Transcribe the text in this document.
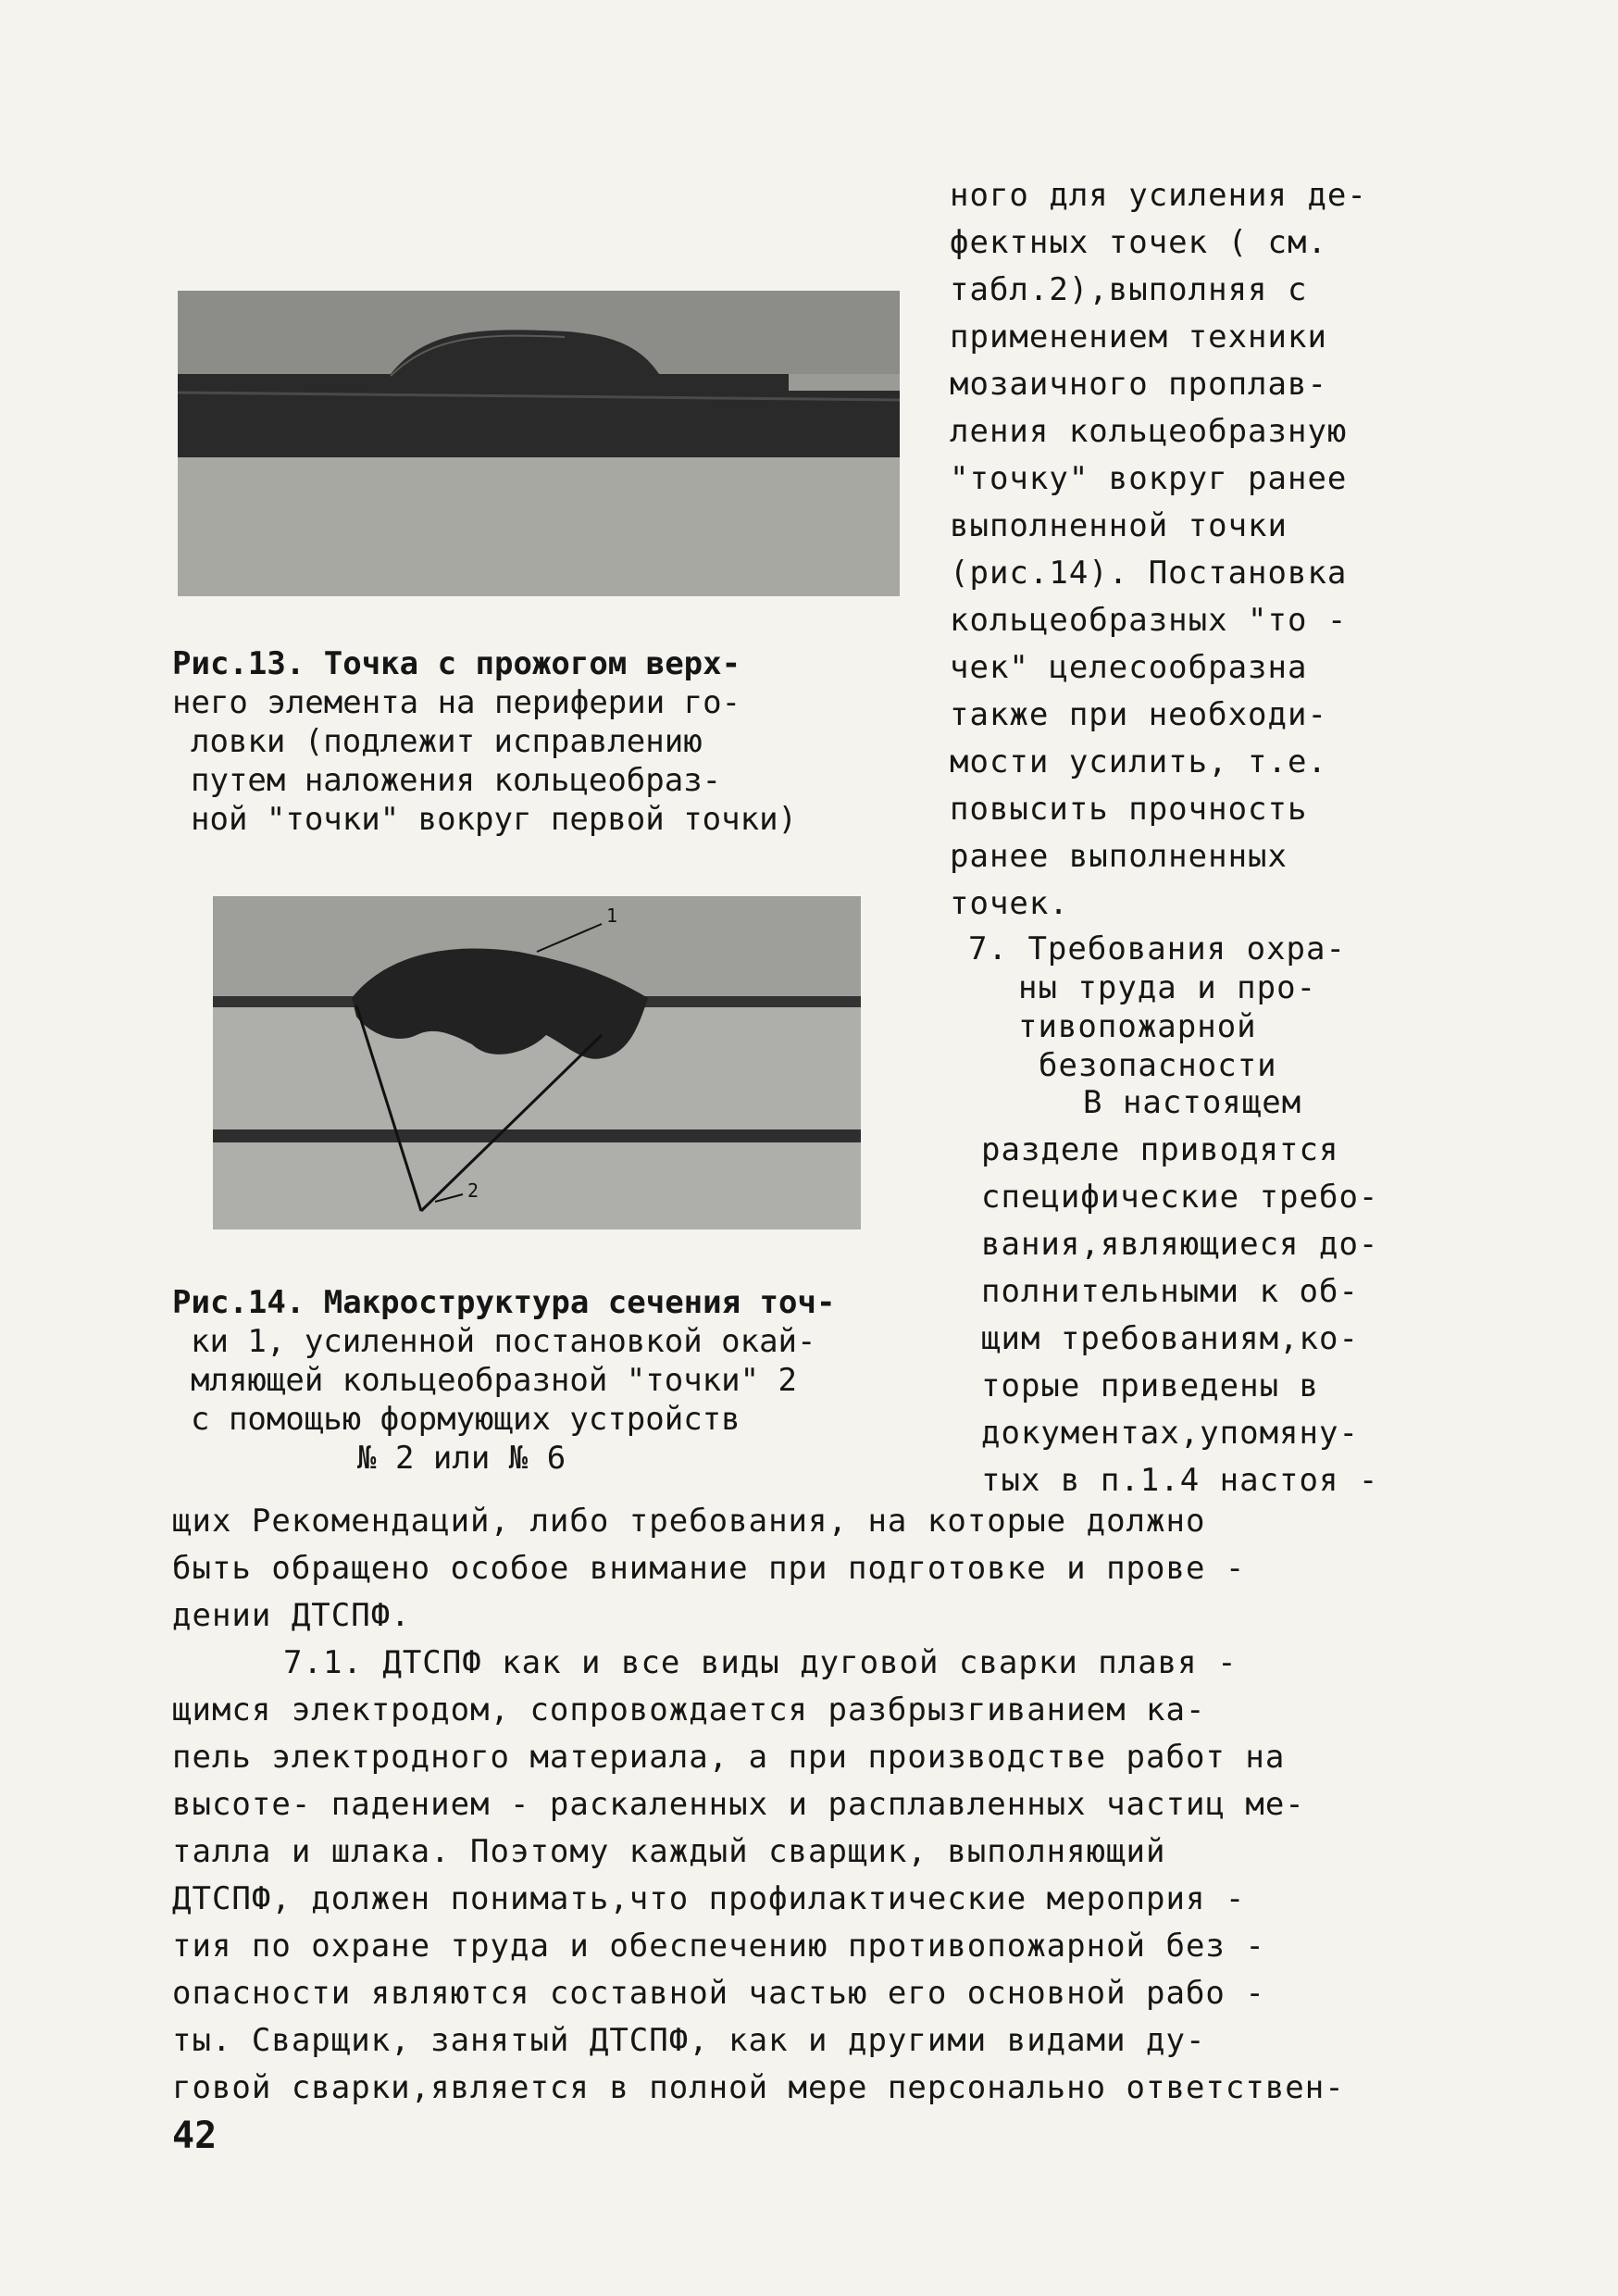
Рис.13. Точка с прожогом верх-
него элемента на периферии го-
ловки (подлежит исправлению
путем наложения кольцеобраз-
ной "точки" вокруг первой точки)
1
2
Рис.14. Макроструктура сечения точ-
ки 1, усиленной постановкой окай-
мляющей кольцеобразной "точки" 2
с помощью формующих устройств
№ 2 или № 6
ного для усиления де-
фектных точек ( см.
табл.2),выполняя с
применением техники
мозаичного проплав-
ления кольцеобразную
"точку" вокруг ранее
выполненной точки
(рис.14). Постановка
кольцеобразных "то -
чек" целесообразна
также при необходи-
мости усилить, т.е.
повысить прочность
ранее выполненных
точек.
7. Требования охра-
ны труда и про-
тивопожарной
безопасности
В настоящем
разделе приводятся
специфические требо-
вания,являющиеся до-
полнительными к об-
щим требованиям,ко-
торые приведены в
документах,упомяну-
тых в п.1.4 настоя -
щих Рекомендаций, либо требования, на которые должно
быть обращено особое внимание при подготовке и прове -
дении ДТСПФ.
7.1. ДТСПФ как и все виды дуговой сварки плавя -
щимся электродом, сопровождается разбрызгиванием ка-
пель электродного материала, а при производстве работ на
высоте- падением - раскаленных и расплавленных частиц ме-
талла и шлака. Поэтому каждый сварщик, выполняющий
ДТСПФ, должен понимать,что профилактические мероприя -
тия по охране труда и обеспечению противопожарной без -
опасности являются составной частью его основной рабо -
ты. Сварщик, занятый ДТСПФ, как и другими видами ду-
говой сварки,является в полной мере персонально ответствен-
42
